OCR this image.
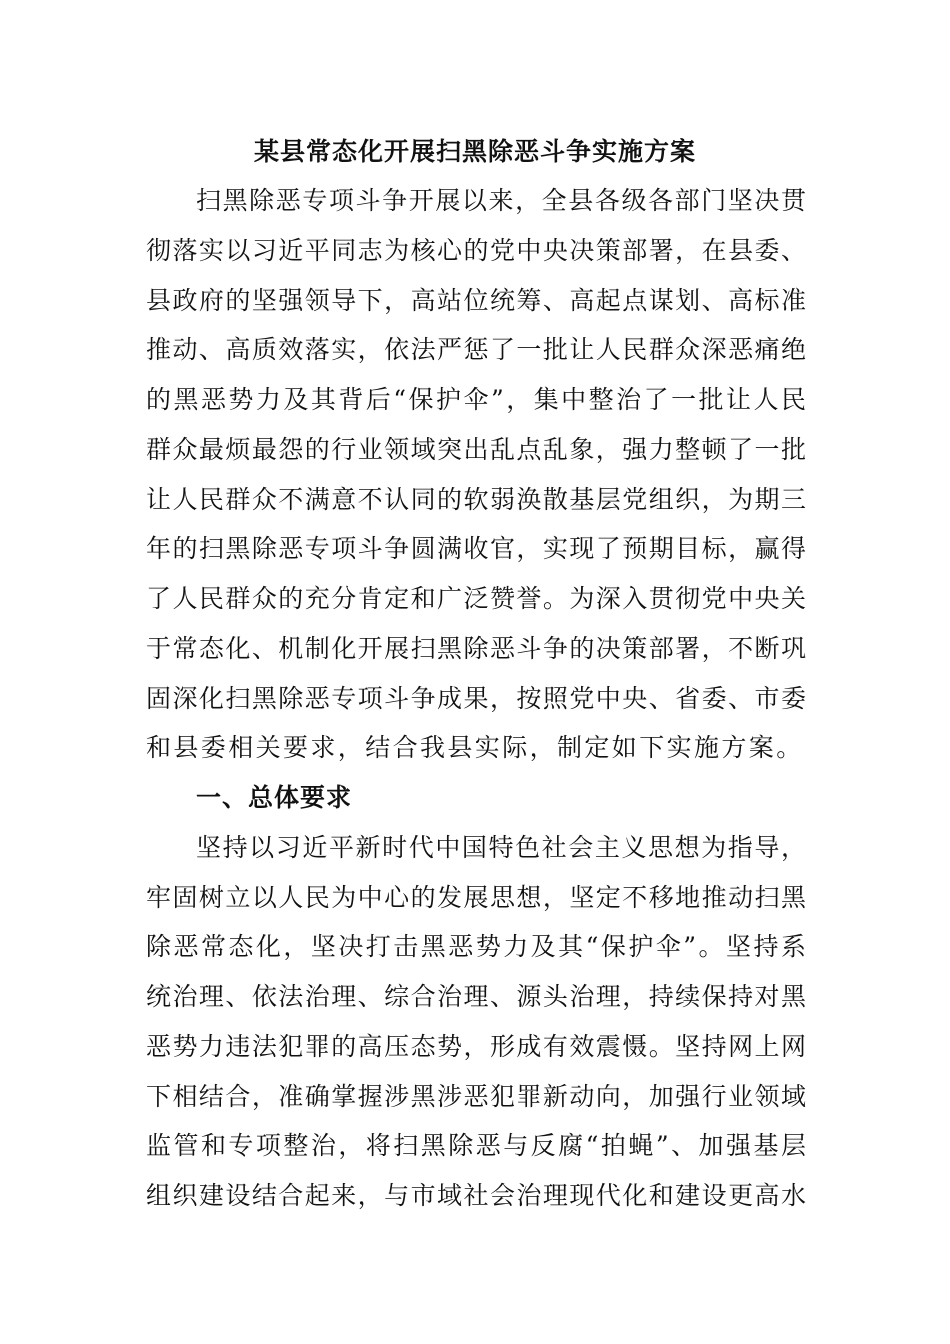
某县常态化开展扫黑除恶斗争实施方案
扫黑除恶专项斗争开展以来，全县各级各部门坚决贯
彻落实以习近平同志为核心的党中央决策部署，在县委、
县政府的坚强领导下，高站位统筹、高起点谋划、高标准
推动、高质效落实，依法严惩了一批让人民群众深恶痛绝
的黑恶势力及其背后“保护伞”，集中整治了一批让人民
群众最烦最怨的行业领域突出乱点乱象，强力整顿了一批
让人民群众不满意不认同的软弱涣散基层党组织，为期三
年的扫黑除恶专项斗争圆满收官，实现了预期目标，赢得
了人民群众的充分肯定和广泛赞誉。为深入贯彻党中央关
于常态化、机制化开展扫黑除恶斗争的决策部署，不断巩
固深化扫黑除恶专项斗争成果，按照党中央、省委、市委
和县委相关要求，结合我县实际，制定如下实施方案。
一、总体要求
坚持以习近平新时代中国特色社会主义思想为指导，
牢固树立以人民为中心的发展思想，坚定不移地推动扫黑
除恶常态化，坚决打击黑恶势力及其“保护伞”。坚持系
统治理、依法治理、综合治理、源头治理，持续保持对黑
恶势力违法犯罪的高压态势，形成有效震慑。坚持网上网
下相结合，准确掌握涉黑涉恶犯罪新动向，加强行业领域
监管和专项整治，将扫黑除恶与反腐“拍蝇”、加强基层
组织建设结合起来，与市域社会治理现代化和建设更高水
